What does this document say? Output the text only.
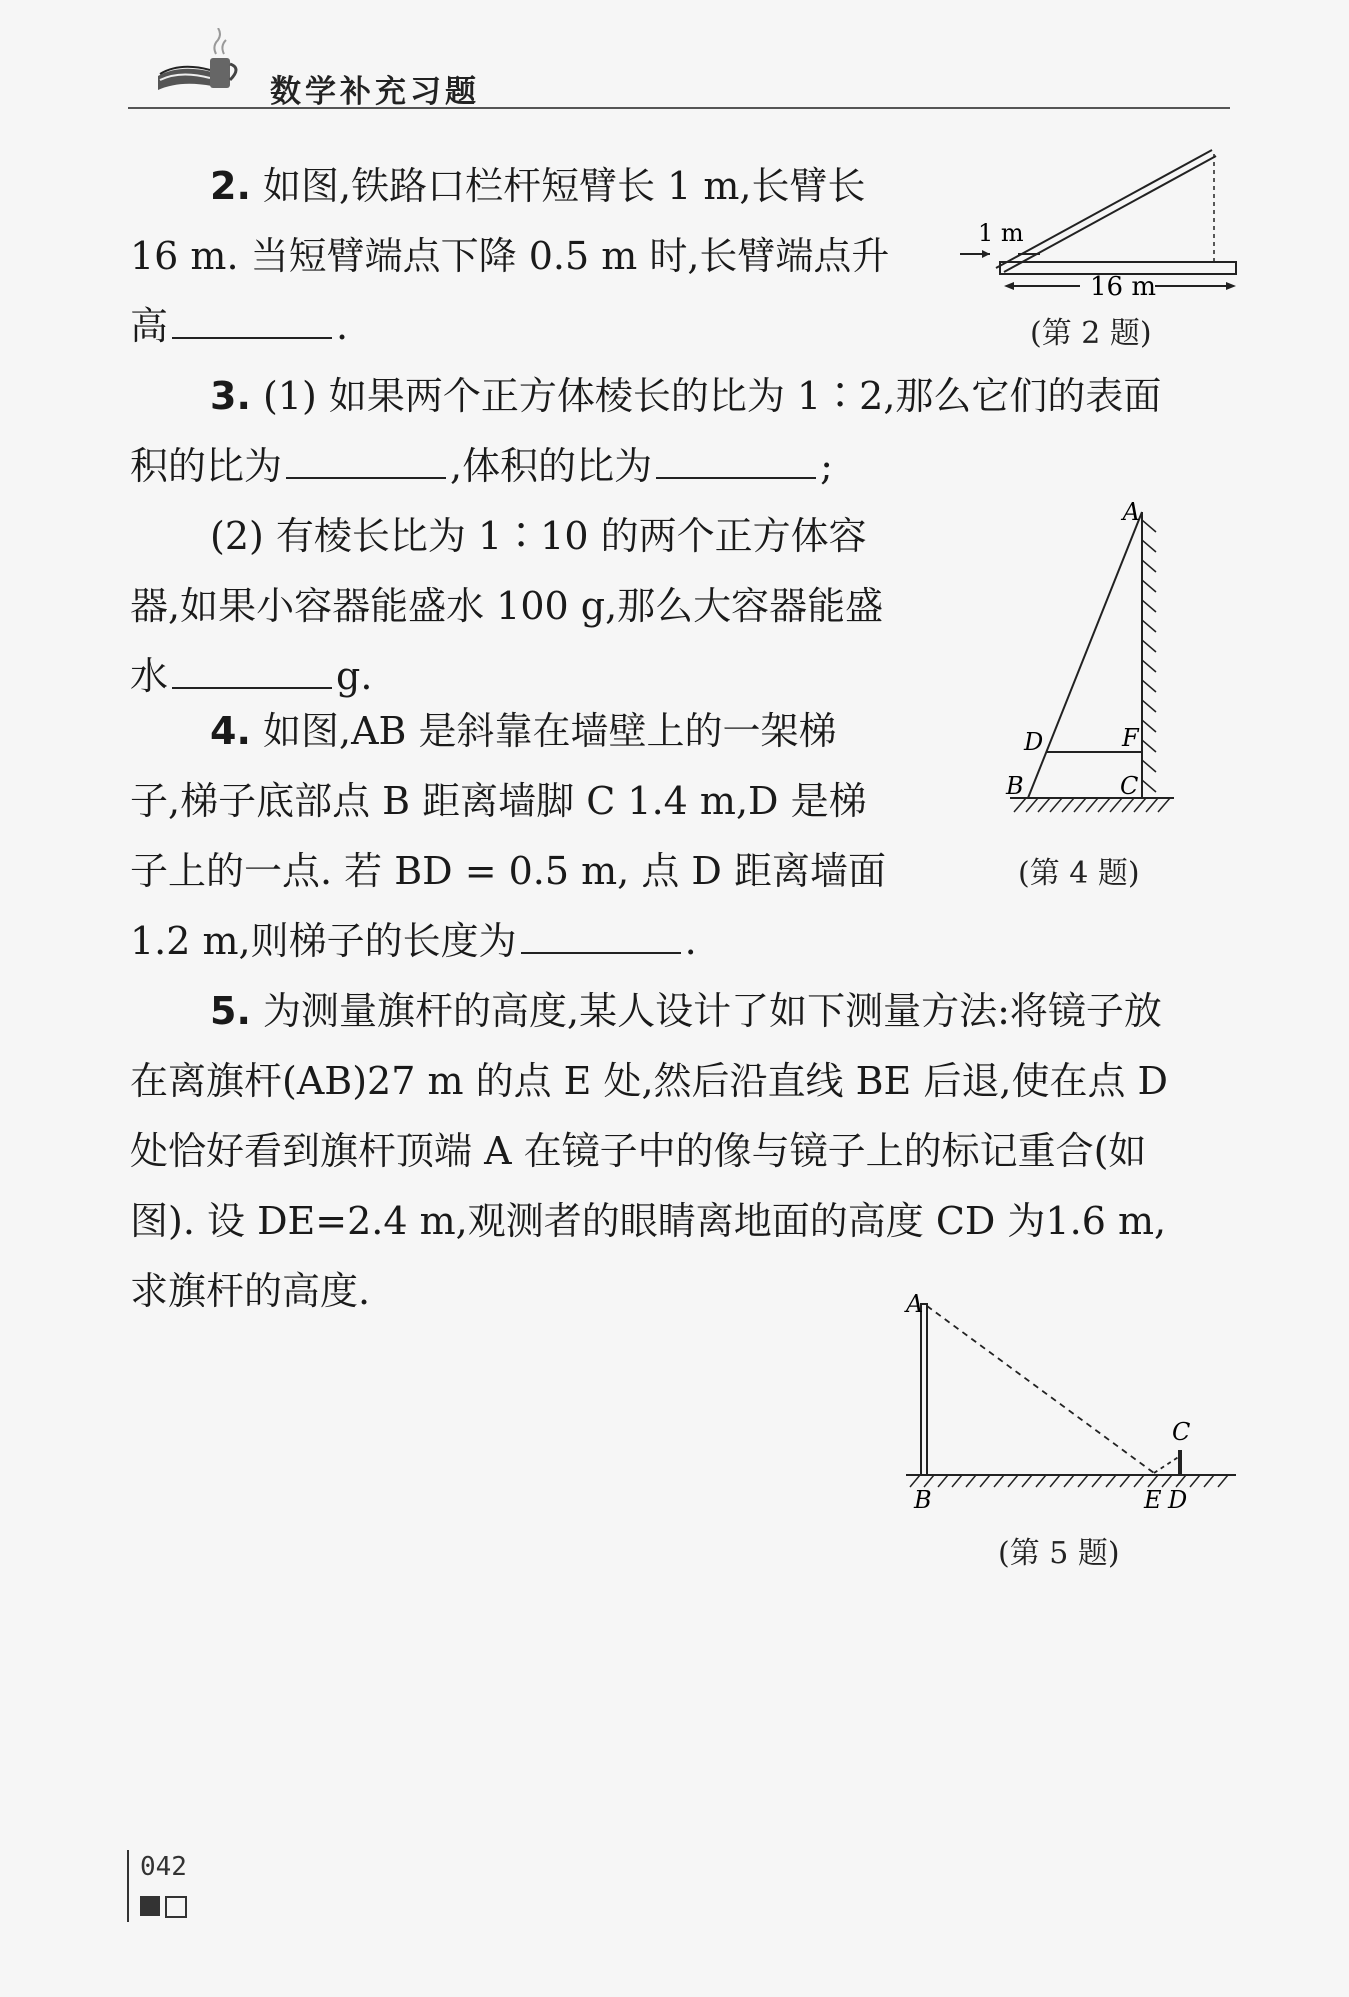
数学补充习题
2. 如图,铁路口栏杆短臂长 1 m,长臂长
16 m. 当短臂端点下降 0.5 m 时,长臂端点升
高	.
1 m
16 m
(第 2 题)
3. (1) 如果两个正方体棱长的比为 1∶2,那么它们的表面
积的比为	,体积的比为	;
(2) 有棱长比为 1∶10 的两个正方体容
器,如果小容器能盛水 100 g,那么大容器能盛
水	g.
A
B	C
D	F
(第 4 题)
4. 如图,AB 是斜靠在墙壁上的一架梯
子,梯子底部点 B 距离墙脚 C 1.4 m,D 是梯
子上的一点. 若 BD = 0.5 m, 点 D 距离墙面
1.2 m,则梯子的长度为	.
5. 为测量旗杆的高度,某人设计了如下测量方法:将镜子放
在离旗杆(AB)27 m 的点 E 处,然后沿直线 BE 后退,使在点 D
处恰好看到旗杆顶端 A 在镜子中的像与镜子上的标记重合(如
图). 设 DE=2.4 m,观测者的眼睛离地面的高度 CD 为1.6 m,
求旗杆的高度.	A
B
C
E D
(第 5 题)
042
